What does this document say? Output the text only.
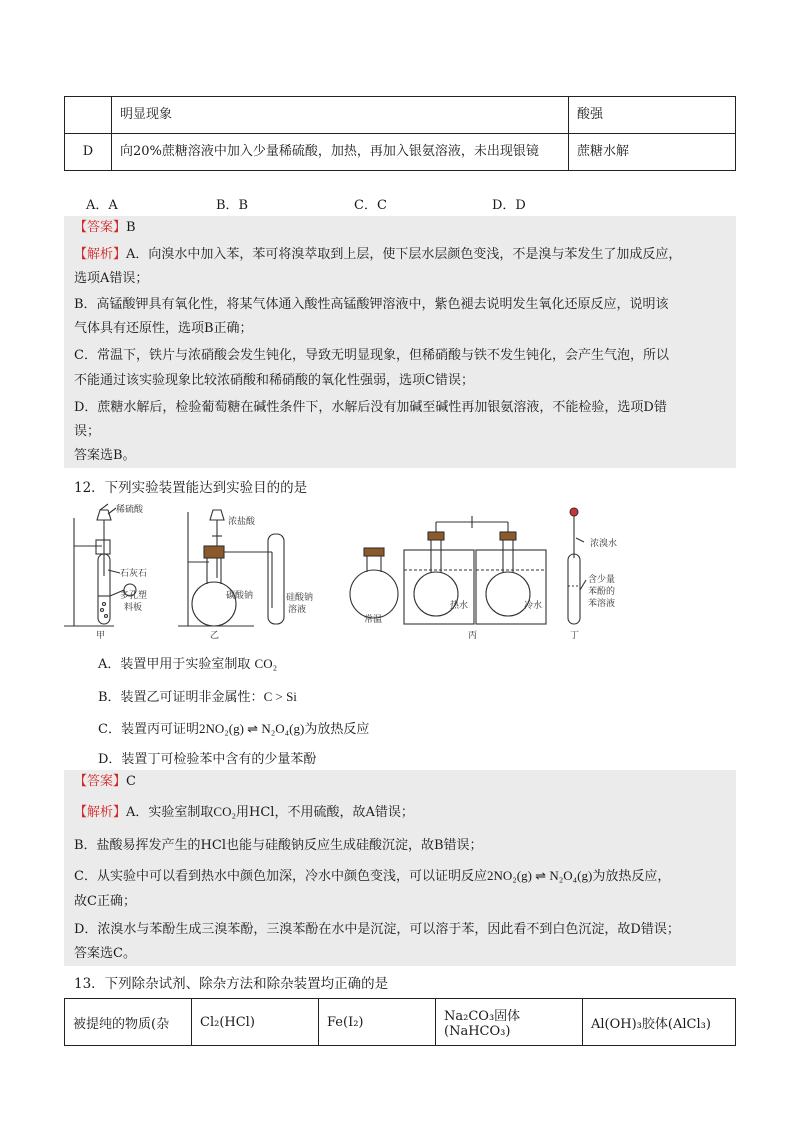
	明显现象	酸强
D	向20%蔗糖溶液中加入少量稀硫酸，加热，再加入银氨溶液，未出现银镜	蔗糖水解
A．A	B．B	C．C	D．D
【答案】B
【解析】A．向溴水中加入苯，苯可将溴萃取到上层，使下层水层颜色变浅，不是溴与苯发生了加成反应，
选项A错误；
B．高锰酸钾具有氧化性，将某气体通入酸性高锰酸钾溶液中，紫色褪去说明发生氧化还原反应，说明该
气体具有还原性，选项B正确；
C．常温下，铁片与浓硝酸会发生钝化，导致无明显现象，但稀硝酸与铁不发生钝化，会产生气泡，所以
不能通过该实验现象比较浓硝酸和稀硝酸的氧化性强弱，选项C错误；
D．蔗糖水解后，检验葡萄糖在碱性条件下，水解后没有加碱至碱性再加银氨溶液，不能检验，选项D错
误；
答案选B。
12．下列实验装置能达到实验目的的是
稀硫酸
石灰石
多孔塑
料板
甲
浓盐酸
碳酸钠	硅酸钠
溶液
乙
常温
热水	冷水
丙
浓溴水
含少量
苯酚的
苯溶液
丁
A．装置甲用于实验室制取 CO₂
B．装置乙可证明非金属性：C > Si
C．装置丙可证明2NO₂(g) ⇌ N₂O₄(g)为放热反应
D．装置丁可检验苯中含有的少量苯酚
【答案】C
【解析】A．实验室制取CO₂用HCl，不用硫酸，故A错误；
B．盐酸易挥发产生的HCl也能与硅酸钠反应生成硅酸沉淀，故B错误；
C．从实验中可以看到热水中颜色加深，冷水中颜色变浅，可以证明反应2NO₂(g) ⇌ N₂O₄(g)为放热反应，
故C正确；
D．浓溴水与苯酚生成三溴苯酚，三溴苯酚在水中是沉淀，可以溶于苯，因此看不到白色沉淀，故D错误；
答案选C。
13．下列除杂试剂、除杂方法和除杂装置均正确的是
被提纯的物质(杂	Cl₂(HCl)	Fe(I₂)	Na₂CO₃固体(NaHCO₃)	Al(OH)₃胶体(AlCl₃)
